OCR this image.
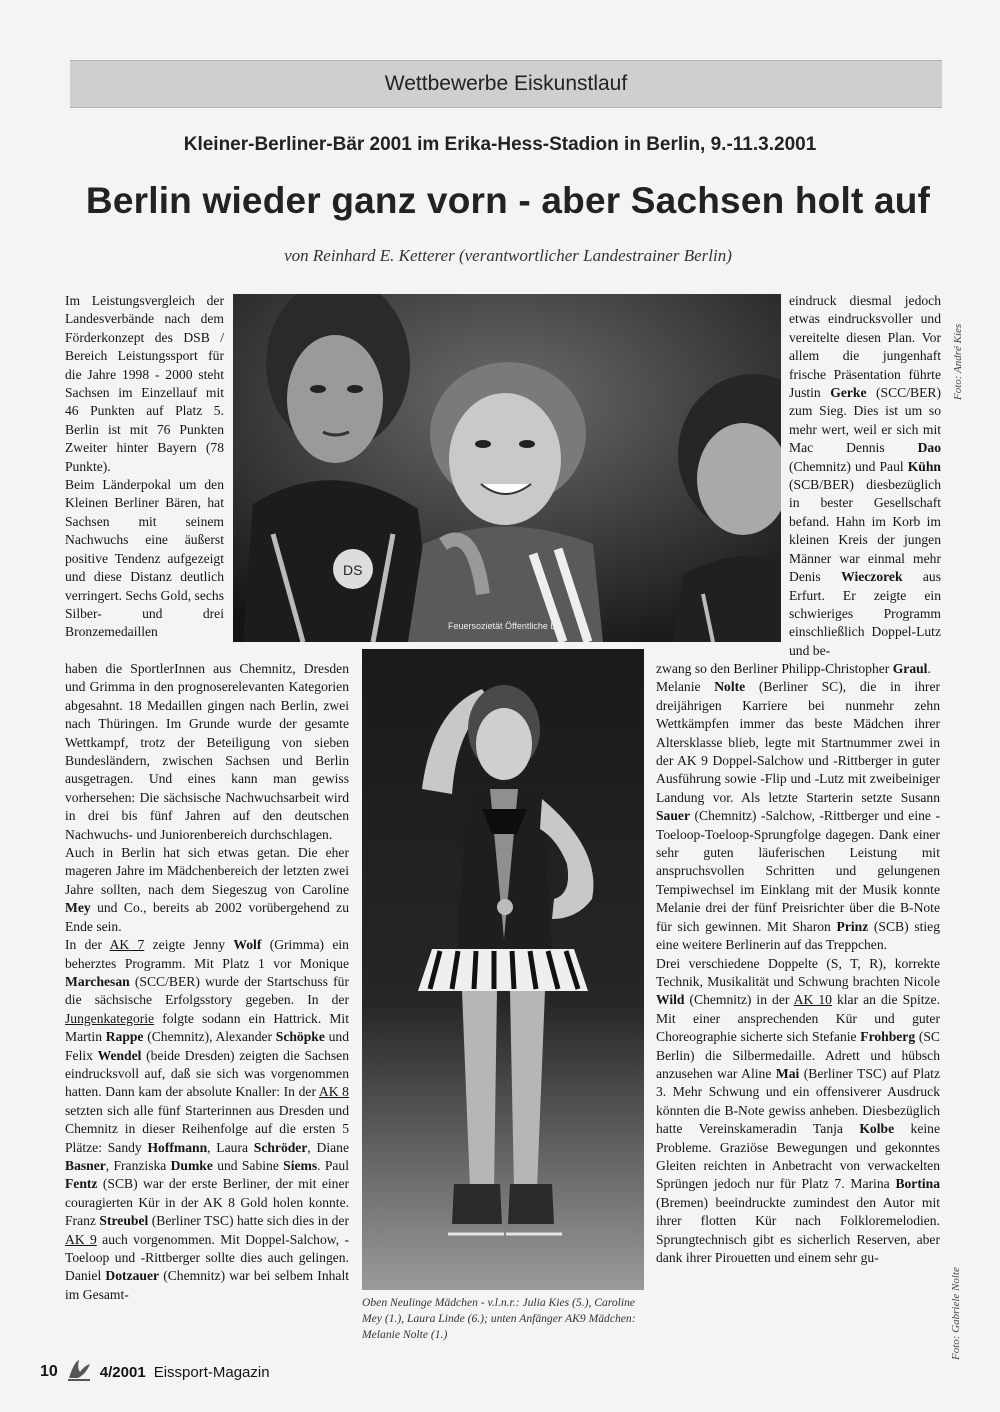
Wettbewerbe Eiskunstlauf
Kleiner-Berliner-Bär 2001 im Erika-Hess-Stadion in Berlin, 9.-11.3.2001
Berlin wieder ganz vorn - aber Sachsen holt auf
von Reinhard E. Ketterer (verantwortlicher Landestrainer Berlin)
DS
Feuersozietät Öffentliche L.
Foto: André Kies
Foto: Gabriele Nolte
Oben Neulinge Mädchen - v.l.n.r.: Julia Kies (5.), Caroline Mey (1.), Laura Linde (6.); unten Anfänger AK9 Mädchen: Melanie Nolte (1.)

Im Leistungsvergleich der Landesverbände nach dem Förderkonzept des DSB / Bereich Leistungssport für die Jahre 1998 - 2000 steht Sachsen im Einzellauf mit 46 Punkten auf Platz 5. Berlin ist mit 76 Punkten Zweiter hinter Bayern (78 Punkte).

Beim Länderpokal um den Kleinen Berliner Bären, hat Sachsen mit seinem Nachwuchs eine äußerst positive Tendenz aufgezeigt und diese Distanz deutlich verringert. Sechs Gold, sechs Silber- und drei Bronzemedaillen

haben die SportlerInnen aus Chemnitz, Dresden und Grimma in den prognoserelevanten Kategorien abgesahnt. 18 Medaillen gingen nach Berlin, zwei nach Thüringen. Im Grunde wurde der gesamte Wettkampf, trotz der Beteiligung von sieben Bundesländern, zwischen Sachsen und Berlin ausgetragen. Und eines kann man gewiss vorhersehen: Die sächsische Nachwuchsarbeit wird in drei bis fünf Jahren auf den deutschen Nachwuchs- und Juniorenbereich durchschlagen.

Auch in Berlin hat sich etwas getan. Die eher mageren Jahre im Mädchenbereich der letzten zwei Jahre sollten, nach dem Siegeszug von Caroline Mey und Co., bereits ab 2002 vorübergehend zu Ende sein.

In der AK 7 zeigte Jenny Wolf (Grimma) ein beherztes Programm. Mit Platz 1 vor Monique Marchesan (SCC/BER) wurde der Startschuss für die sächsische Erfolgsstory gegeben. In der Jungenkategorie folgte sodann ein Hattrick. Mit Martin Rappe (Chemnitz), Alexander Schöpke und Felix Wendel (beide Dresden) zeigten die Sachsen eindrucksvoll auf, daß sie sich was vorgenommen hatten. Dann kam der absolute Knaller: In der AK 8 setzten sich alle fünf Starterinnen aus Dresden und Chemnitz in dieser Reihenfolge auf die ersten 5 Plätze: Sandy Hoffmann, Laura Schröder, Diane Basner, Franziska Dumke und Sabine Siems. Paul Fentz (SCB) war der erste Berliner, der mit einer couragierten Kür in der AK 8 Gold holen konnte. Franz Streubel (Berliner TSC) hatte sich dies in der AK 9 auch vorgenommen. Mit Doppel-Salchow, -Toeloop und -Rittberger sollte dies auch gelingen. Daniel Dotzauer (Chemnitz) war bei selbem Inhalt im Gesamt-

eindruck diesmal jedoch etwas eindrucksvoller und vereitelte diesen Plan. Vor allem die jungenhaft frische Präsentation führte Justin Gerke (SCC/BER) zum Sieg. Dies ist um so mehr wert, weil er sich mit Mac Dennis Dao (Chemnitz) und Paul Kühn (SCB/BER) diesbezüglich in bester Gesellschaft befand. Hahn im Korb im kleinen Kreis der jungen Männer war einmal mehr Denis Wieczorek aus Erfurt. Er zeigte ein schwieriges Programm einschließlich Doppel-Lutz und be-

zwang so den Berliner Philipp-Christopher Graul.

Melanie Nolte (Berliner SC), die in ihrer dreijährigen Karriere bei nunmehr zehn Wettkämpfen immer das beste Mädchen ihrer Altersklasse blieb, legte mit Startnummer zwei in der AK 9 Doppel-Salchow und -Rittberger in guter Ausführung sowie -Flip und -Lutz mit zweibeiniger Landung vor. Als letzte Starterin setzte Susann Sauer (Chemnitz) -Salchow, -Rittberger und eine -Toeloop-Toeloop-Sprungfolge dagegen. Dank einer sehr guten läuferischen Leistung mit anspruchsvollen Schritten und gelungenen Tempiwechsel im Einklang mit der Musik konnte Melanie drei der fünf Preisrichter über die B-Note für sich gewinnen. Mit Sharon Prinz (SCB) stieg eine weitere Berlinerin auf das Treppchen.

Drei verschiedene Doppelte (S, T, R), korrekte Technik, Musikalität und Schwung brachten Nicole Wild (Chemnitz) in der AK 10 klar an die Spitze. Mit einer ansprechenden Kür und guter Choreographie sicherte sich Stefanie Frohberg (SC Berlin) die Silbermedaille. Adrett und hübsch anzusehen war Aline Mai (Berliner TSC) auf Platz 3. Mehr Schwung und ein offensiverer Ausdruck könnten die B-Note gewiss anheben. Diesbezüglich hatte Vereinskameradin Tanja Kolbe keine Probleme. Graziöse Bewegungen und gekonntes Gleiten reichten in Anbetracht von verwackelten Sprüngen jedoch nur für Platz 7. Marina Bortina (Bremen) beeindruckte zumindest den Autor mit ihrer flotten Kür nach Folkloremelodien. Sprungtechnisch gibt es sicherlich Reserven, aber dank ihrer Pirouetten und einem sehr gu-

10	4/2001 Eissport-Magazin
